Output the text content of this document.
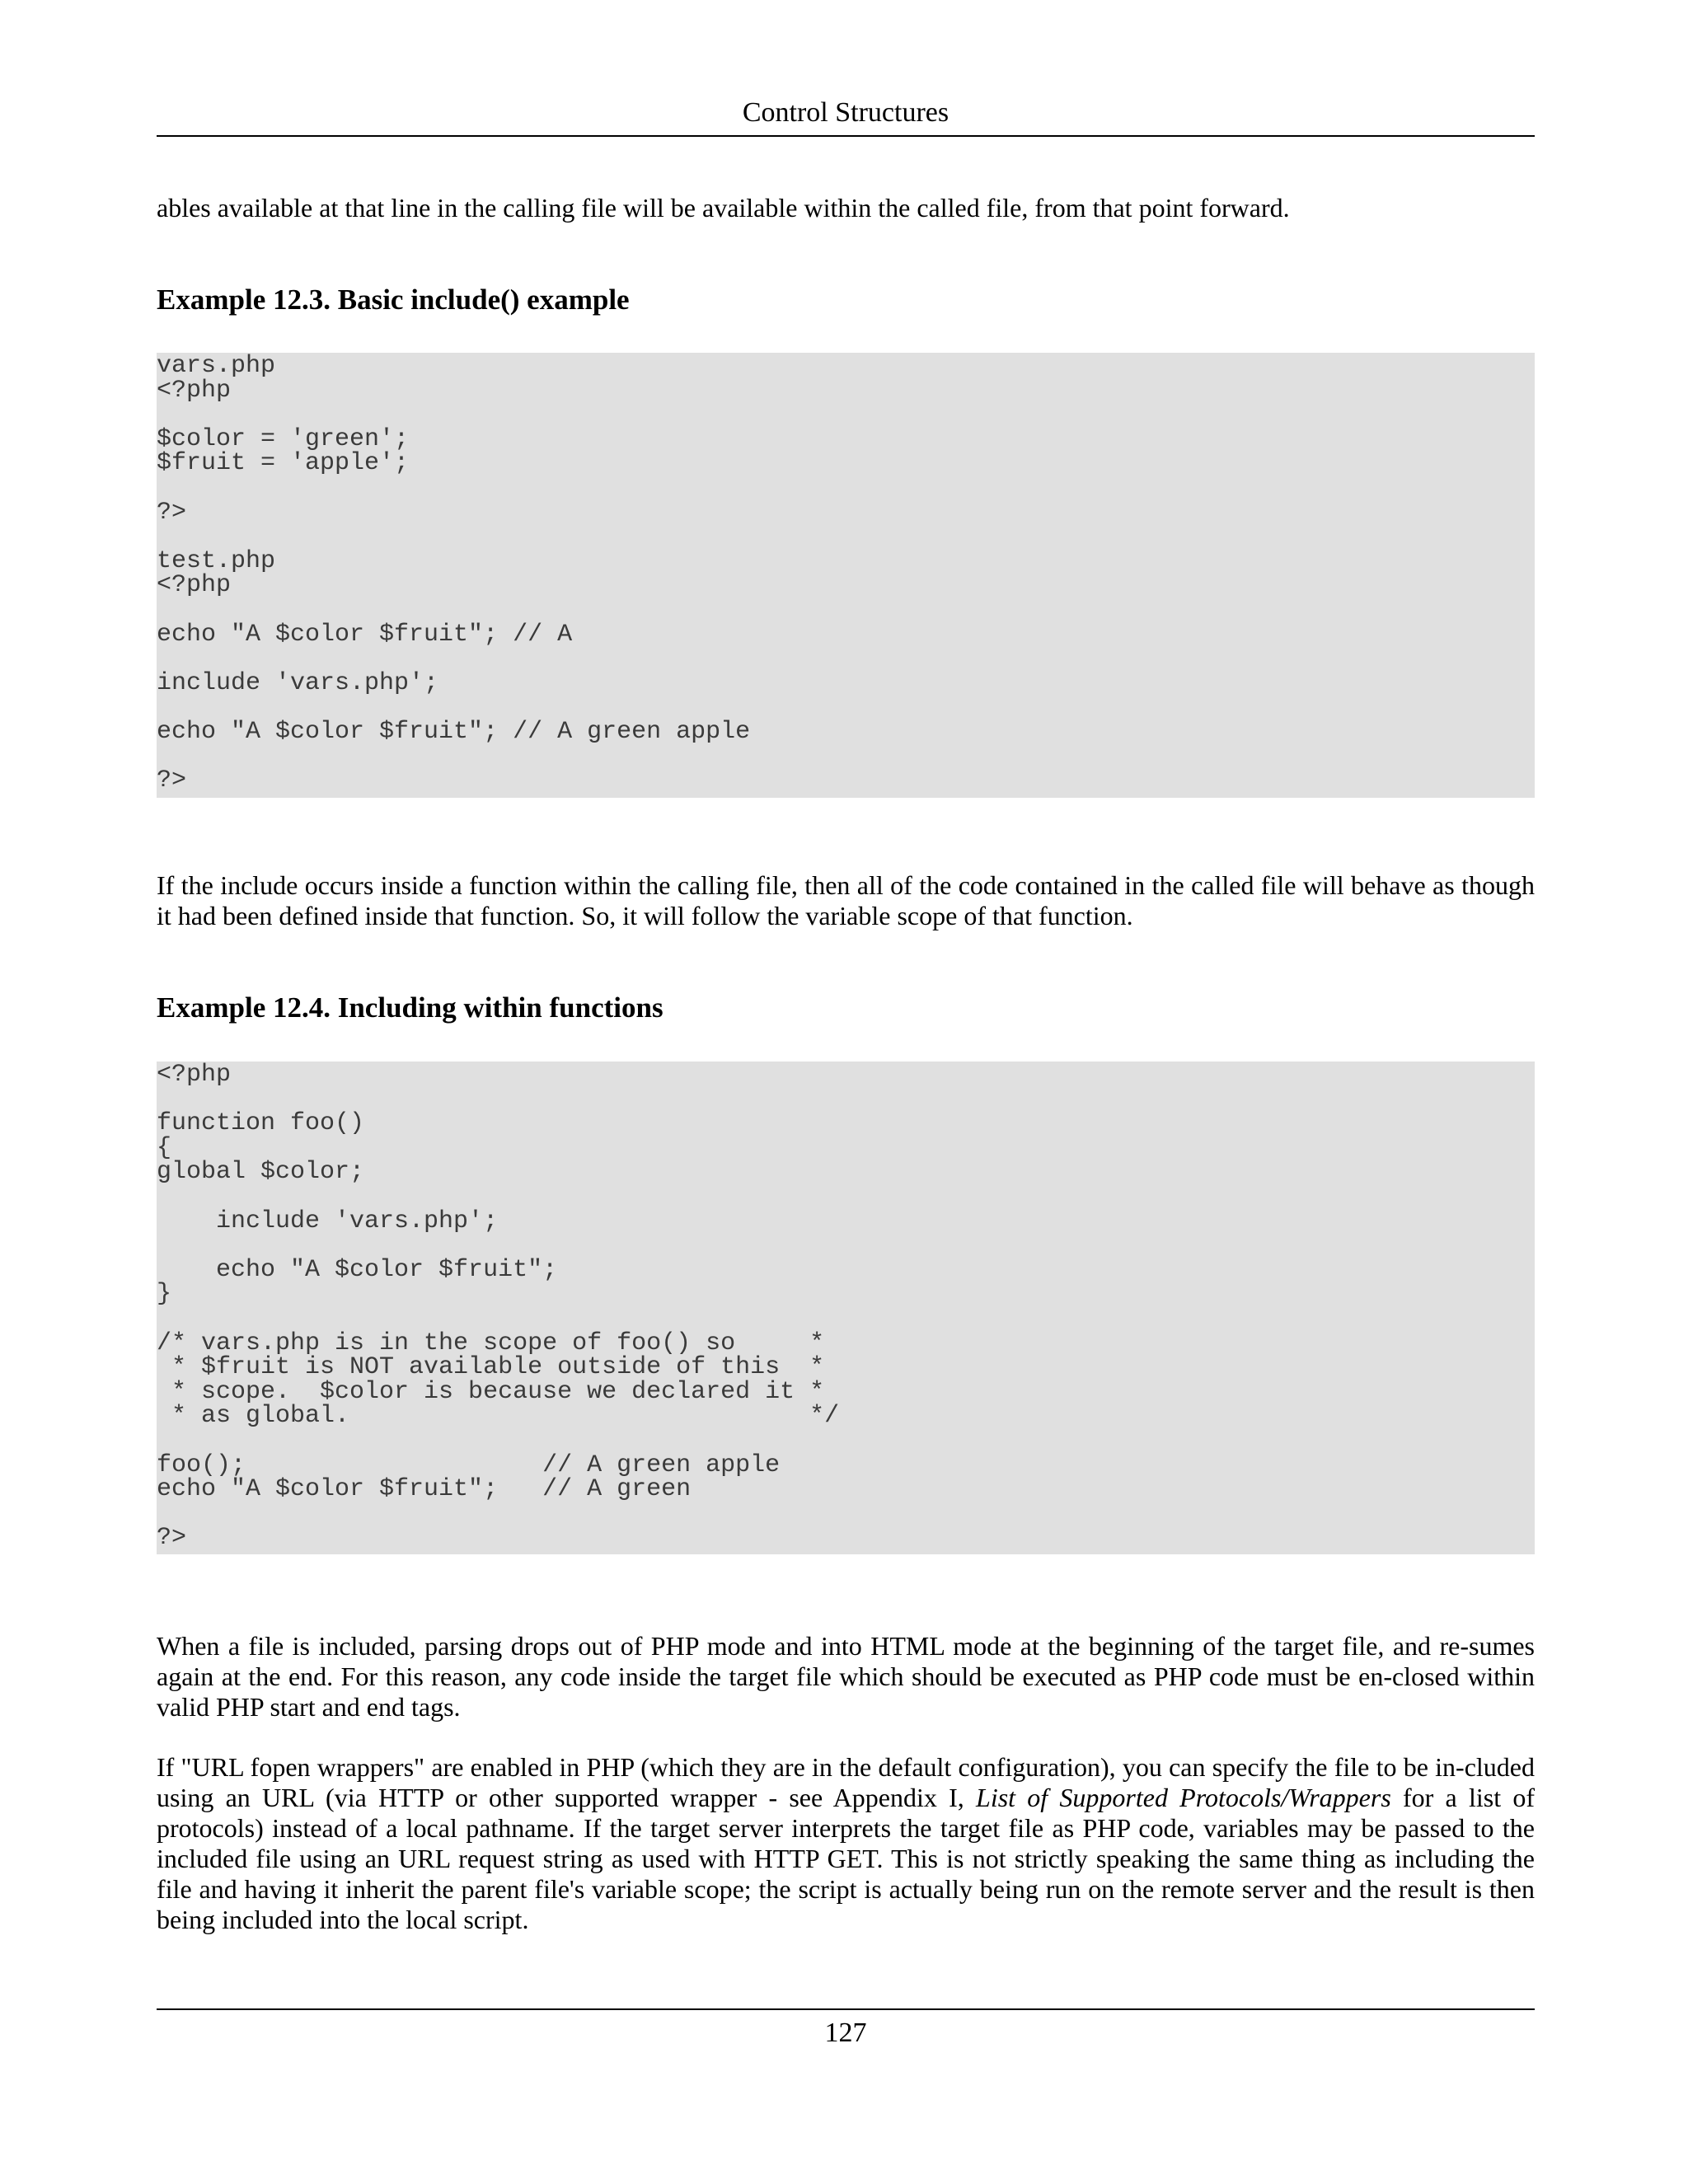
Control Structures

ables available at that line in the calling file will be available within the called file, from that point forward.

Example 12.3. Basic include() example
vars.php
<?php

$color = 'green';
$fruit = 'apple';

?>

test.php
<?php

echo "A $color $fruit"; // A

include 'vars.php';

echo "A $color $fruit"; // A green apple

?>

If the include occurs inside a function within the calling file, then all of the code contained in the called file will behave as though it had been defined inside that function. So, it will follow the variable scope of that function.

Example 12.4. Including within functions
<?php

function foo()
{
global $color;

include 'vars.php';

echo "A $color $fruit";
}

/* vars.php is in the scope of foo() so     *
* $fruit is NOT available outside of this  *
* scope.  $color is because we declared it *
* as global.                               */

foo();                    // A green apple
echo "A $color $fruit";   // A green

?>

When a file is included, parsing drops out of PHP mode and into HTML mode at the beginning of the target file, and re-sumes again at the end. For this reason, any code inside the target file which should be executed as PHP code must be en-closed within valid PHP start and end tags.

If "URL fopen wrappers" are enabled in PHP (which they are in the default configuration), you can specify the file to be in-cluded using an URL (via HTTP or other supported wrapper - see Appendix I, List of Supported Protocols/Wrappers for a list of protocols) instead of a local pathname. If the target server interprets the target file as PHP code, variables may be passed to the included file using an URL request string as used with HTTP GET. This is not strictly speaking the same thing as including the file and having it inherit the parent file's variable scope; the script is actually being run on the remote server and the result is then being included into the local script.

127
